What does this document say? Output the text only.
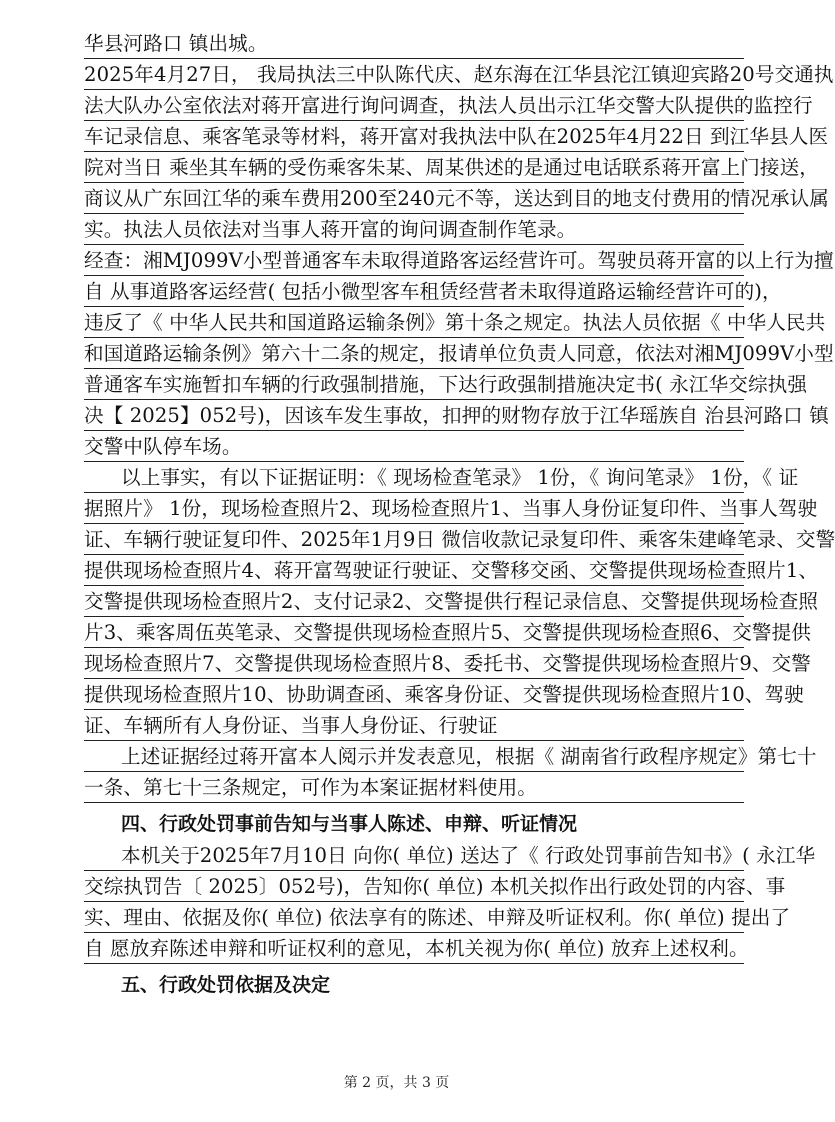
华县河路口 镇出城。
2025年4月27日， 我局执法三中队陈代庆、赵东海在江华县沱江镇迎宾路20号交通执
法大队办公室依法对蒋开富进行询问调查，执法人员出示江华交警大队提供的监控行
车记录信息、乘客笔录等材料，蒋开富对我执法中队在2025年4月22日 到江华县人医
院对当日 乘坐其车辆的受伤乘客朱某、周某供述的是通过电话联系蒋开富上门接送，
商议从广东回江华的乘车费用200至240元不等，送达到目的地支付费用的情况承认属
实。执法人员依法对当事人蒋开富的询问调查制作笔录。
经查：湘MJ099V小型普通客车未取得道路客运经营许可。驾驶员蒋开富的以上行为擅
自 从事道路客运经营( 包括小微型客车租赁经营者未取得道路运输经营许可的)，
违反了《 中华人民共和国道路运输条例》第十条之规定。执法人员依据《 中华人民共
和国道路运输条例》第六十二条的规定，报请单位负责人同意，依法对湘MJ099V小型
普通客车实施暂扣车辆的行政强制措施，下达行政强制措施决定书( 永江华交综执强
决【 2025】052号)，因该车发生事故，扣押的财物存放于江华瑶族自 治县河路口 镇
交警中队停车场。
以上事实，有以下证据证明：《 现场检查笔录》 1份，《 询问笔录》 1份，《 证
据照片》 1份，现场检查照片2、现场检查照片1、当事人身份证复印件、当事人驾驶
证、车辆行驶证复印件、2025年1月9日 微信收款记录复印件、乘客朱建峰笔录、交警
提供现场检查照片4、蒋开富驾驶证行驶证、交警移交函、交警提供现场检查照片1、
交警提供现场检查照片2、支付记录2、交警提供行程记录信息、交警提供现场检查照
片3、乘客周伍英笔录、交警提供现场检查照片5、交警提供现场检查照6、交警提供
现场检查照片7、交警提供现场检查照片8、委托书、交警提供现场检查照片9、交警
提供现场检查照片10、协助调查函、乘客身份证、交警提供现场检查照片10、驾驶
证、车辆所有人身份证、当事人身份证、行驶证
上述证据经过蒋开富本人阅示并发表意见，根据《 湖南省行政程序规定》第七十
一条、第七十三条规定，可作为本案证据材料使用。
四、行政处罚事前告知与当事人陈述、申辩、听证情况
本机关于2025年7月10日 向你( 单位) 送达了《 行政处罚事前告知书》( 永江华
交综执罚告〔 2025〕052号)，告知你( 单位) 本机关拟作出行政处罚的内容、事
实、理由、依据及你( 单位) 依法享有的陈述、申辩及听证权利。你( 单位) 提出了
自 愿放弃陈述申辩和听证权利的意见，本机关视为你( 单位) 放弃上述权利。
五、行政处罚依据及决定
第 2 页，共 3 页
